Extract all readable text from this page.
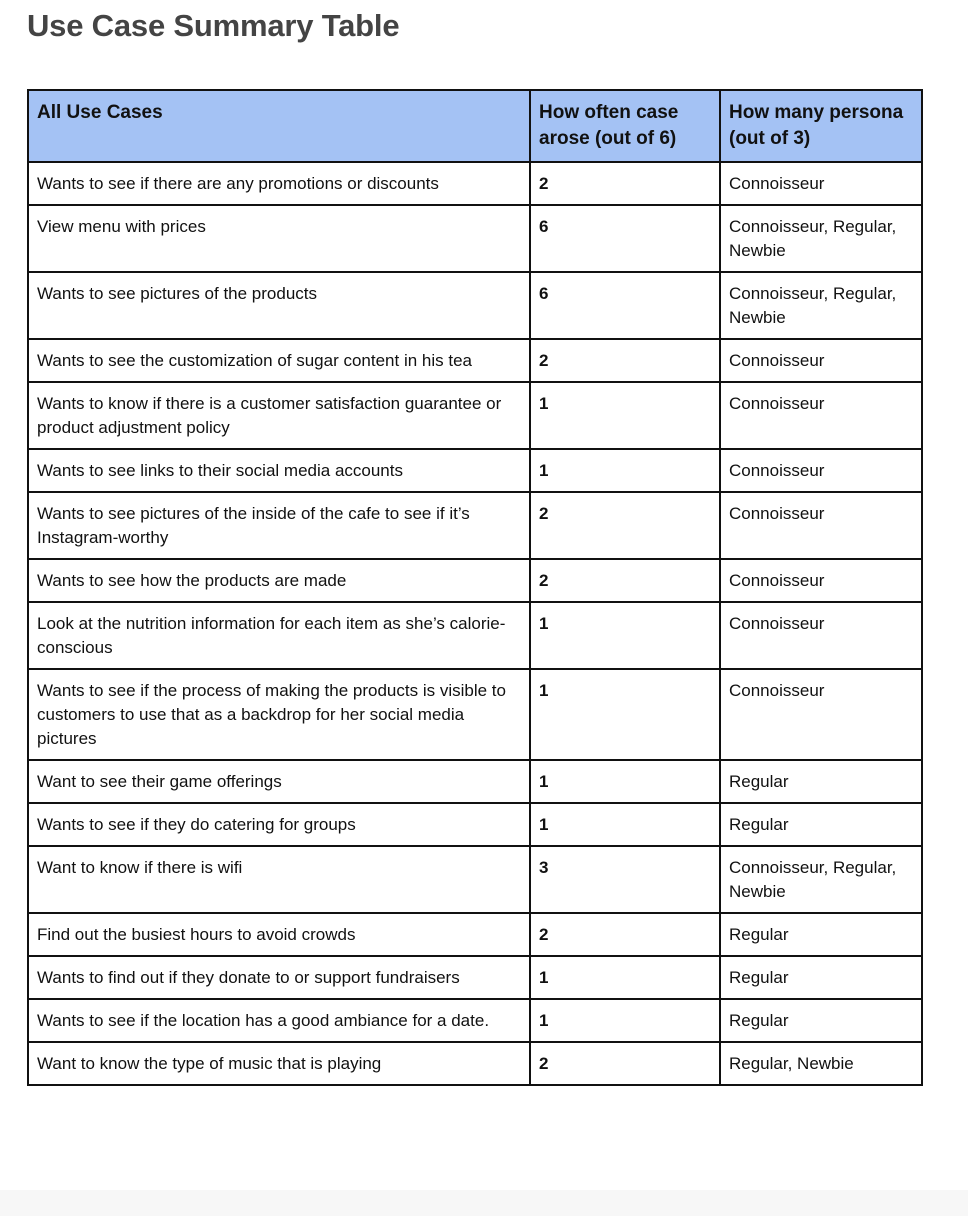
Use Case Summary Table
All Use Cases	How often case arose (out of 6)	How many persona (out of 3)
Wants to see if there are any promotions or discounts	2	Connoisseur
View menu with prices	6	Connoisseur, Regular, Newbie
Wants to see pictures of the products	6	Connoisseur, Regular, Newbie
Wants to see the customization of sugar content in his tea	2	Connoisseur
Wants to know if there is a customer satisfaction guarantee or product adjustment policy	1	Connoisseur
Wants to see links to their social media accounts	1	Connoisseur
Wants to see pictures of the inside of the cafe to see if it’s Instagram-worthy	2	Connoisseur
Wants to see how the products are made	2	Connoisseur
Look at the nutrition information for each item as she’s calorie-conscious	1	Connoisseur
Wants to see if the process of making the products is visible to customers to use that as a backdrop for her social media pictures	1	Connoisseur
Want to see their game offerings	1	Regular
Wants to see if they do catering for groups	1	Regular
Want to know if there is wifi	3	Connoisseur, Regular, Newbie
Find out the busiest hours to avoid crowds	2	Regular
Wants to find out if they donate to or support fundraisers	1	Regular
Wants to see if the location has a good ambiance for a date.	1	Regular
Want to know the type of music that is playing	2	Regular, Newbie
